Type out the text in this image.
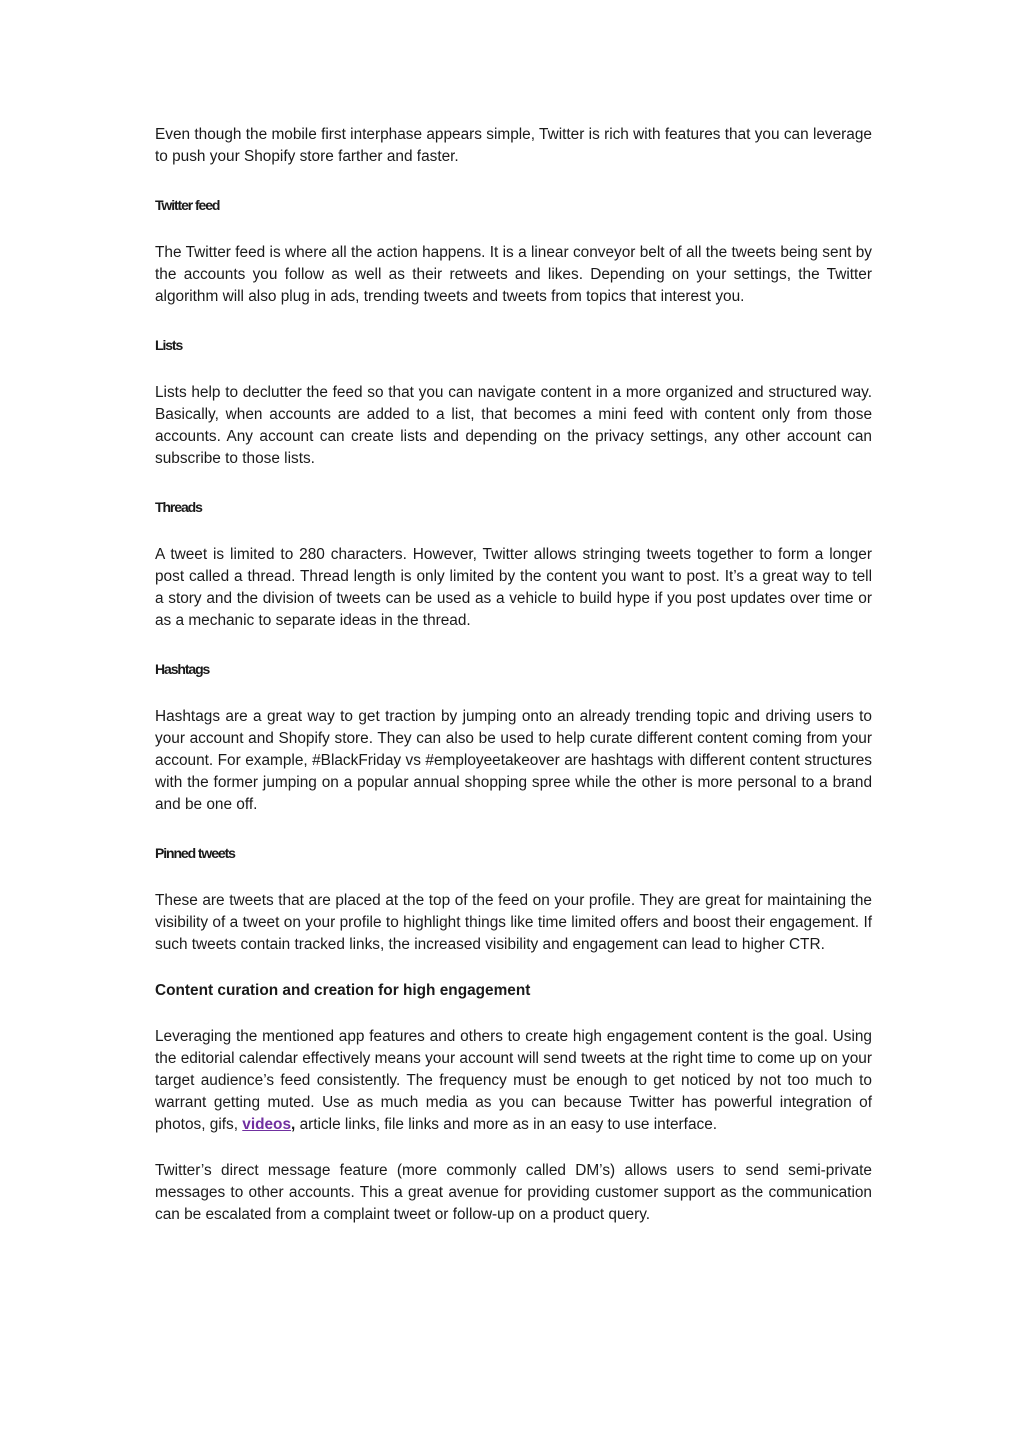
Even though the mobile first interphase appears simple, Twitter is rich with features that you can leverage to push your Shopify store farther and faster.

Twitter feed

The Twitter feed is where all the action happens. It is a linear conveyor belt of all the tweets being sent by the accounts you follow as well as their retweets and likes. Depending on your settings, the Twitter algorithm will also plug in ads, trending tweets and tweets from topics that interest you.

Lists

Lists help to declutter the feed so that you can navigate content in a more organized and structured way. Basically, when accounts are added to a list, that becomes a mini feed with content only from those accounts. Any account can create lists and depending on the privacy settings, any other account can subscribe to those lists.

Threads

A tweet is limited to 280 characters. However, Twitter allows stringing tweets together to form a longer post called a thread. Thread length is only limited by the content you want to post. It’s a great way to tell a story and the division of tweets can be used as a vehicle to build hype if you post updates over time or as a mechanic to separate ideas in the thread.

Hashtags

Hashtags are a great way to get traction by jumping onto an already trending topic and driving users to your account and Shopify store. They can also be used to help curate different content coming from your account. For example, #BlackFriday vs #employeetakeover are hashtags with different content structures with the former jumping on a popular annual shopping spree while the other is more personal to a brand and be one off.

Pinned tweets

These are tweets that are placed at the top of the feed on your profile. They are great for maintaining the visibility of a tweet on your profile to highlight things like time limited offers and boost their engagement. If such tweets contain tracked links, the increased visibility and engagement can lead to higher CTR.

Content curation and creation for high engagement

Leveraging the mentioned app features and others to create high engagement content is the goal. Using the editorial calendar effectively means your account will send tweets at the right time to come up on your target audience’s feed consistently. The frequency must be enough to get noticed by not too much to warrant getting muted. Use as much media as you can because Twitter has powerful integration of photos, gifs, videos, article links, file links and more as in an easy to use interface.

Twitter’s direct message feature (more commonly called DM’s) allows users to send semi-private messages to other accounts. This a great avenue for providing customer support as the communication can be escalated from a complaint tweet or follow-up on a product query.
